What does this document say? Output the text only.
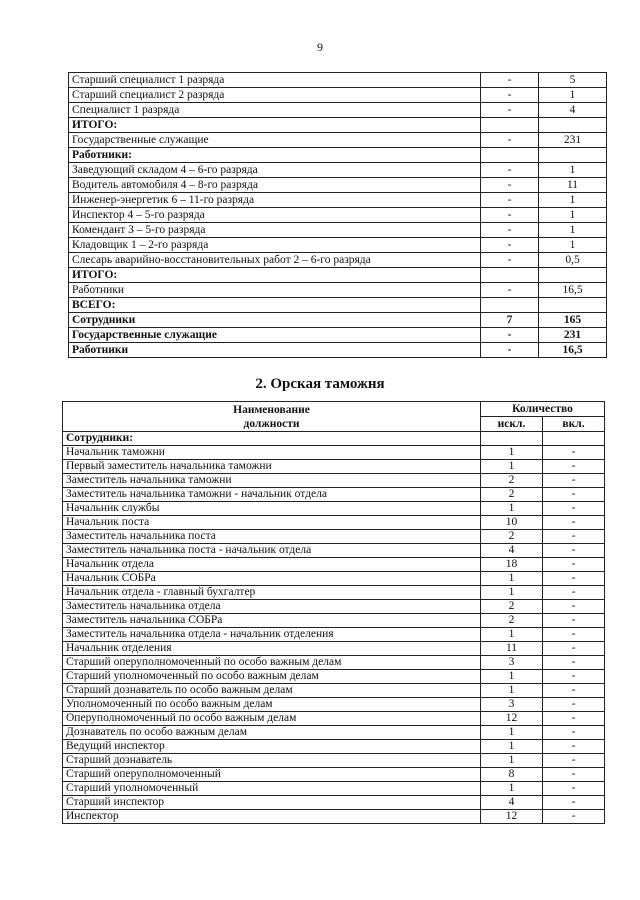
9
Старший специалист 1 разряда	-	5
Старший специалист 2 разряда	-	1
Специалист 1 разряда	-	4
ИТОГО:		
Государственные служащие	-	231
Работники:		
Заведующий складом 4 – 6-го разряда	-	1
Водитель автомобиля 4 – 8-го разряда	-	11
Инженер-энергетик 6 – 11-го разряда	-	1
Инспектор 4 – 5-го разряда	-	1
Комендант 3 – 5-го разряда	-	1
Кладовщик 1 – 2-го разряда	-	1
Слесарь аварийно-восстановительных работ 2 – 6-го разряда	-	0,5
ИТОГО:		
Работники	-	16,5
ВСЕГО:		
Сотрудники	7	165
Государственные служащие	-	231
Работники	-	16,5
2. Орская таможня
Наименование
должности	Количество	
	искл.	вкл.
Сотрудники:		
Начальник таможни	1	-
Первый заместитель начальника таможни	1	-
Заместитель начальника таможни	2	-
Заместитель начальника таможни - начальник отдела	2	-
Начальник службы	1	-
Начальник поста	10	-
Заместитель начальника поста	2	-
Заместитель начальника поста - начальник отдела	4	-
Начальник отдела	18	-
Начальник СОБРа	1	-
Начальник отдела - главный бухгалтер	1	-
Заместитель начальника отдела	2	-
Заместитель начальника СОБРа	2	-
Заместитель начальника отдела - начальник отделения	1	-
Начальник отделения	11	-
Старший оперуполномоченный по особо важным делам	3	-
Старший уполномоченный по особо важным делам	1	-
Старший дознаватель по особо важным делам	1	-
Уполномоченный по особо важным делам	3	-
Оперуполномоченный по особо важным делам	12	-
Дознаватель по особо важным делам	1	-
Ведущий инспектор	1	-
Старший дознаватель	1	-
Старший оперуполномоченный	8	-
Старший уполномоченный	1	-
Старший инспектор	4	-
Инспектор	12	-
